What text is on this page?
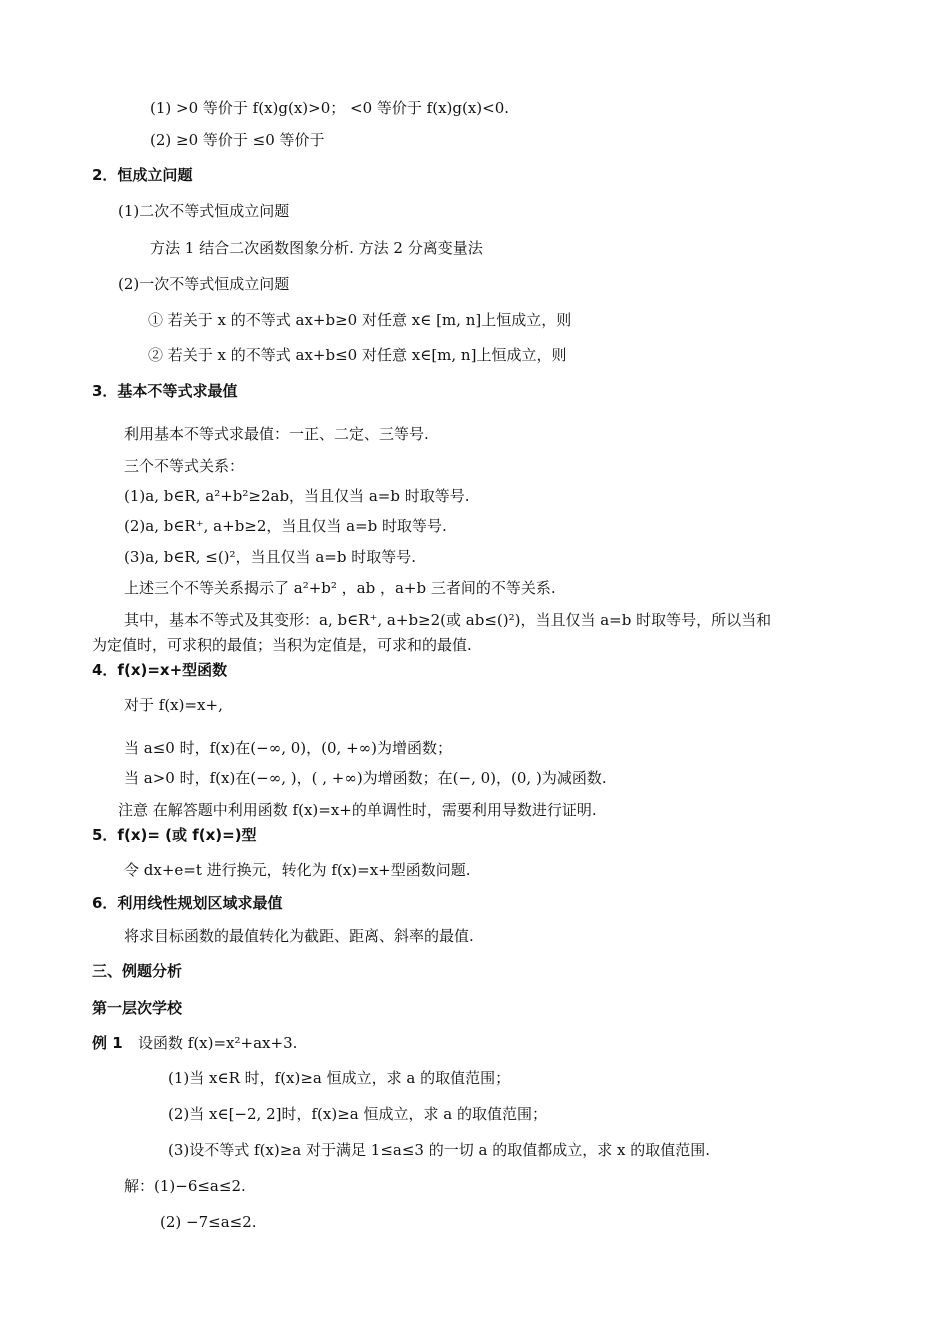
(1) >0 等价于 f(x)g(x)>0； <0 等价于 f(x)g(x)<0.
(2) ≥0 等价于 ≤0 等价于
2．恒成立问题
(1)二次不等式恒成立问题
方法 1 结合二次函数图象分析. 方法 2 分离变量法
(2)一次不等式恒成立问题
① 若关于 x 的不等式 ax+b≥0 对任意 x∈ [m, n]上恒成立，则
② 若关于 x 的不等式 ax+b≤0 对任意 x∈[m, n]上恒成立，则
3．基本不等式求最值
利用基本不等式求最值：一正、二定、三等号.
三个不等式关系：
(1)a, b∈R, a²+b²≥2ab，当且仅当 a=b 时取等号.
(2)a, b∈R⁺, a+b≥2，当且仅当 a=b 时取等号.
(3)a, b∈R, ≤()²，当且仅当 a=b 时取等号.
上述三个不等关系揭示了 a²+b² ，ab ，a+b 三者间的不等关系.
其中，基本不等式及其变形：a, b∈R⁺, a+b≥2(或 ab≤()²)，当且仅当 a=b 时取等号，所以当和
为定值时，可求积的最值；当积为定值是，可求和的最值.
4．f(x)=x+型函数
对于 f(x)=x+,
当 a≤0 时，f(x)在(−∞, 0)，(0, +∞)为增函数；
当 a>0 时，f(x)在(−∞, )，( , +∞)为增函数；在(−, 0)，(0, )为减函数.
注意 在解答题中利用函数 f(x)=x+的单调性时，需要利用导数进行证明.
5．f(x)= (或 f(x)=)型
令 dx+e=t 进行换元，转化为 f(x)=x+型函数问题.
6．利用线性规划区域求最值
将求目标函数的最值转化为截距、距离、斜率的最值.
三、例题分析
第一层次学校
例 1 设函数 f(x)=x²+ax+3.
(1)当 x∈R 时，f(x)≥a 恒成立，求 a 的取值范围；
(2)当 x∈[−2, 2]时，f(x)≥a 恒成立，求 a 的取值范围；
(3)设不等式 f(x)≥a 对于满足 1≤a≤3 的一切 a 的取值都成立，求 x 的取值范围.
解：(1)−6≤a≤2.
(2) −7≤a≤2.
